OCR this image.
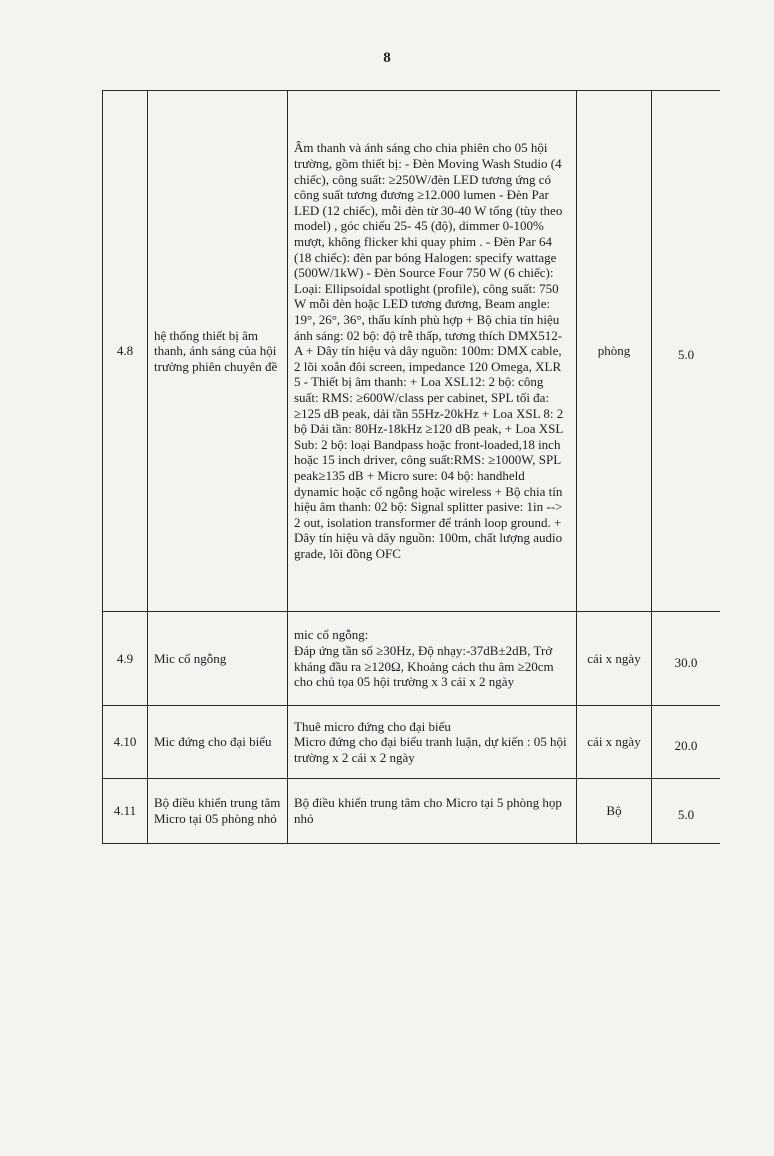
8
4.8	hệ thống thiết bị âm thanh, ánh sáng của hội trường phiên chuyên đề	Âm thanh và ánh sáng cho chia phiên cho 05 hội trường, gồm thiết bị: - Đèn Moving Wash Studio (4 chiếc), công suất: ≥250W/đèn LED tương ứng có công suất tương đương ≥12.000 lumen - Đèn Par LED (12 chiếc), mỗi đèn từ 30-40 W tổng (tùy theo model) , góc chiếu 25- 45 (độ), dimmer 0-100% mượt, không flicker khi quay phim . - Đèn Par 64 (18 chiếc): đèn par bóng Halogen: specify wattage (500W/1kW) - Đèn Source Four 750 W (6 chiếc): Loại: Ellipsoidal spotlight (profile), công suất: 750 W mỗi đèn hoặc LED tương đương, Beam angle: 19°, 26°, 36°, thấu kính phù hợp + Bộ chia tín hiệu ánh sáng: 02 bộ: độ trễ thấp, tương thích DMX512-A + Dây tín hiệu và dây nguồn: 100m: DMX cable, 2 lõi xoắn đôi screen, impedance 120 Omega, XLR 5 - Thiết bị âm thanh: + Loa XSL12: 2 bộ: công suất: RMS: ≥600W/class per cabinet, SPL tối đa: ≥125 dB peak, dải tần 55Hz-20kHz + Loa XSL 8: 2 bộ Dải tần: 80Hz-18kHz ≥120 dB peak, + Loa XSL Sub: 2 bộ: loại Bandpass hoặc front-loaded,18 inch hoặc 15 inch driver, công suất:RMS: ≥1000W, SPL peak≥135 dB + Micro sure: 04 bộ: handheld dynamic hoặc cổ ngỗng hoặc wireless + Bộ chia tín hiệu âm thanh: 02 bộ: Signal splitter pasive: 1in --> 2 out, isolation transformer để tránh loop ground. + Dây tín hiệu và dây nguồn: 100m, chất lượng audio grade, lõi đồng OFC	phòng	5.0
4.9	Mic cổ ngỗng	mic cổ ngỗng:
Đáp ứng tần số ≥30Hz, Độ nhạy:-37dB±2dB, Trở kháng đầu ra ≥120Ω, Khoảng cách thu âm ≥20cm
cho chủ tọa 05 hội trường x 3 cái x 2 ngày	cái x ngày	30.0
4.10	Mic đứng cho đại biểu	Thuê micro đứng cho đại biểu
Micro đứng cho đại biểu tranh luận, dự kiến : 05 hội trường x 2 cái x 2 ngày	cái x ngày	20.0
4.11	Bộ điều khiển trung tâm Micro tại 05 phòng nhỏ	Bộ điều khiển trung tâm cho Micro tại 5 phòng họp nhỏ	Bộ	5.0
